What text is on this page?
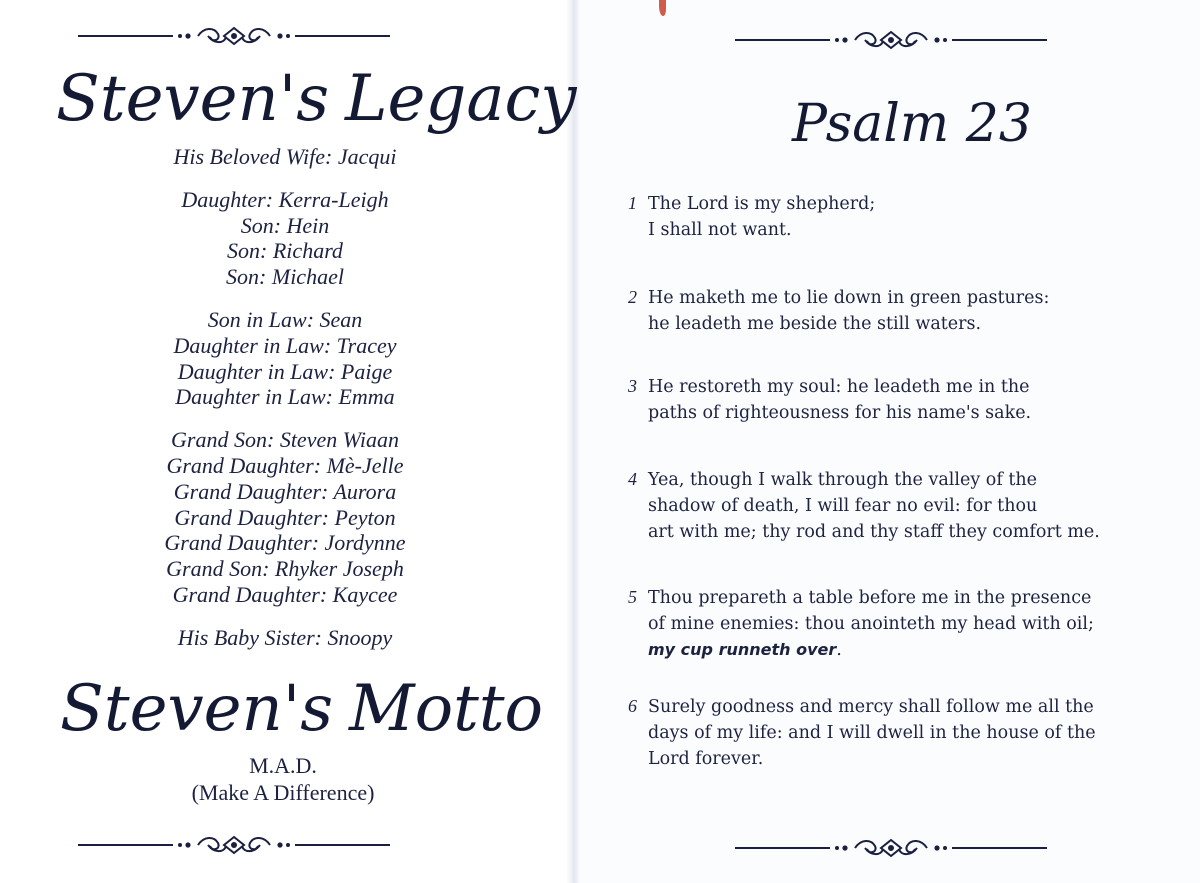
Steven's Legacy
His Beloved Wife: Jacqui
Daughter: Kerra-Leigh
Son: Hein
Son: Richard
Son: Michael
Son in Law: Sean
Daughter in Law: Tracey
Daughter in Law: Paige
Daughter in Law: Emma
Grand Son: Steven Wiaan
Grand Daughter: Mè-Jelle
Grand Daughter: Aurora
Grand Daughter: Peyton
Grand Daughter: Jordynne
Grand Son: Rhyker Joseph
Grand Daughter: Kaycee
His Baby Sister: Snoopy
Steven's Motto
M.A.D.
(Make A Difference)
Psalm 23
1 The Lord is my shepherd;
I shall not want.
2 He maketh me to lie down in green pastures:
he leadeth me beside the still waters.
3 He restoreth my soul: he leadeth me in the
paths of righteousness for his name's sake.
4 Yea, though I walk through the valley of the
shadow of death, I will fear no evil: for thou
art with me; thy rod and thy staff they comfort me.
5 Thou prepareth a table before me in the presence
of mine enemies: thou anointeth my head with oil;
my cup runneth over.
6 Surely goodness and mercy shall follow me all the
days of my life: and I will dwell in the house of the
Lord forever.
